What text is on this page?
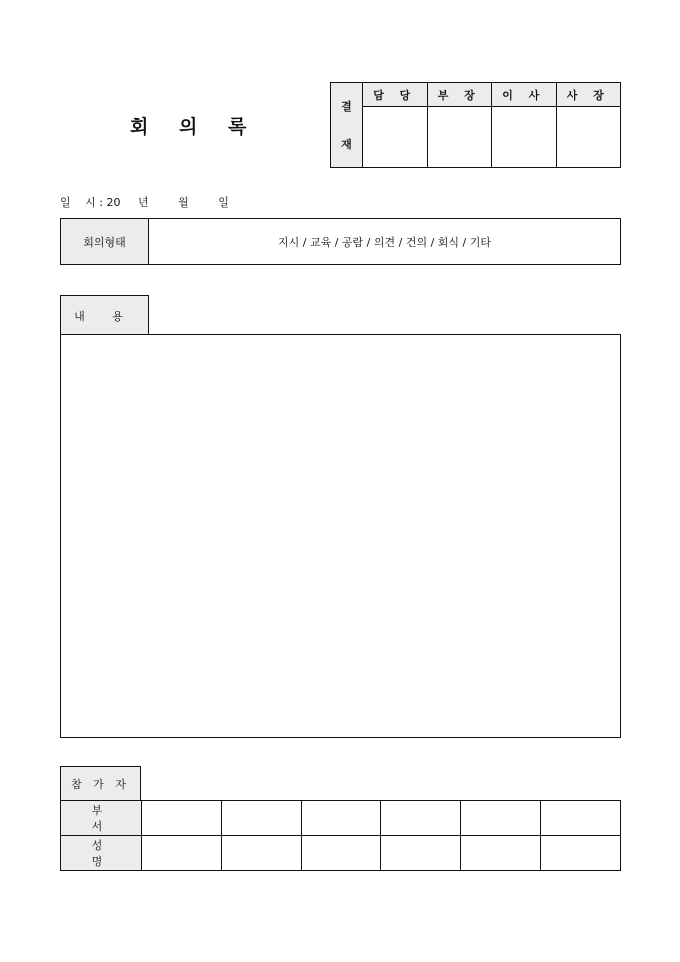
회 의 록
결
재	담 당	부 장	이 사	사 장

일　 시 : 20 년	월	일
회의형태	지시 / 교육 / 공람 / 의견 / 건의 / 회식 / 기타
내 용
참 가 자
부 서						
성 명						
